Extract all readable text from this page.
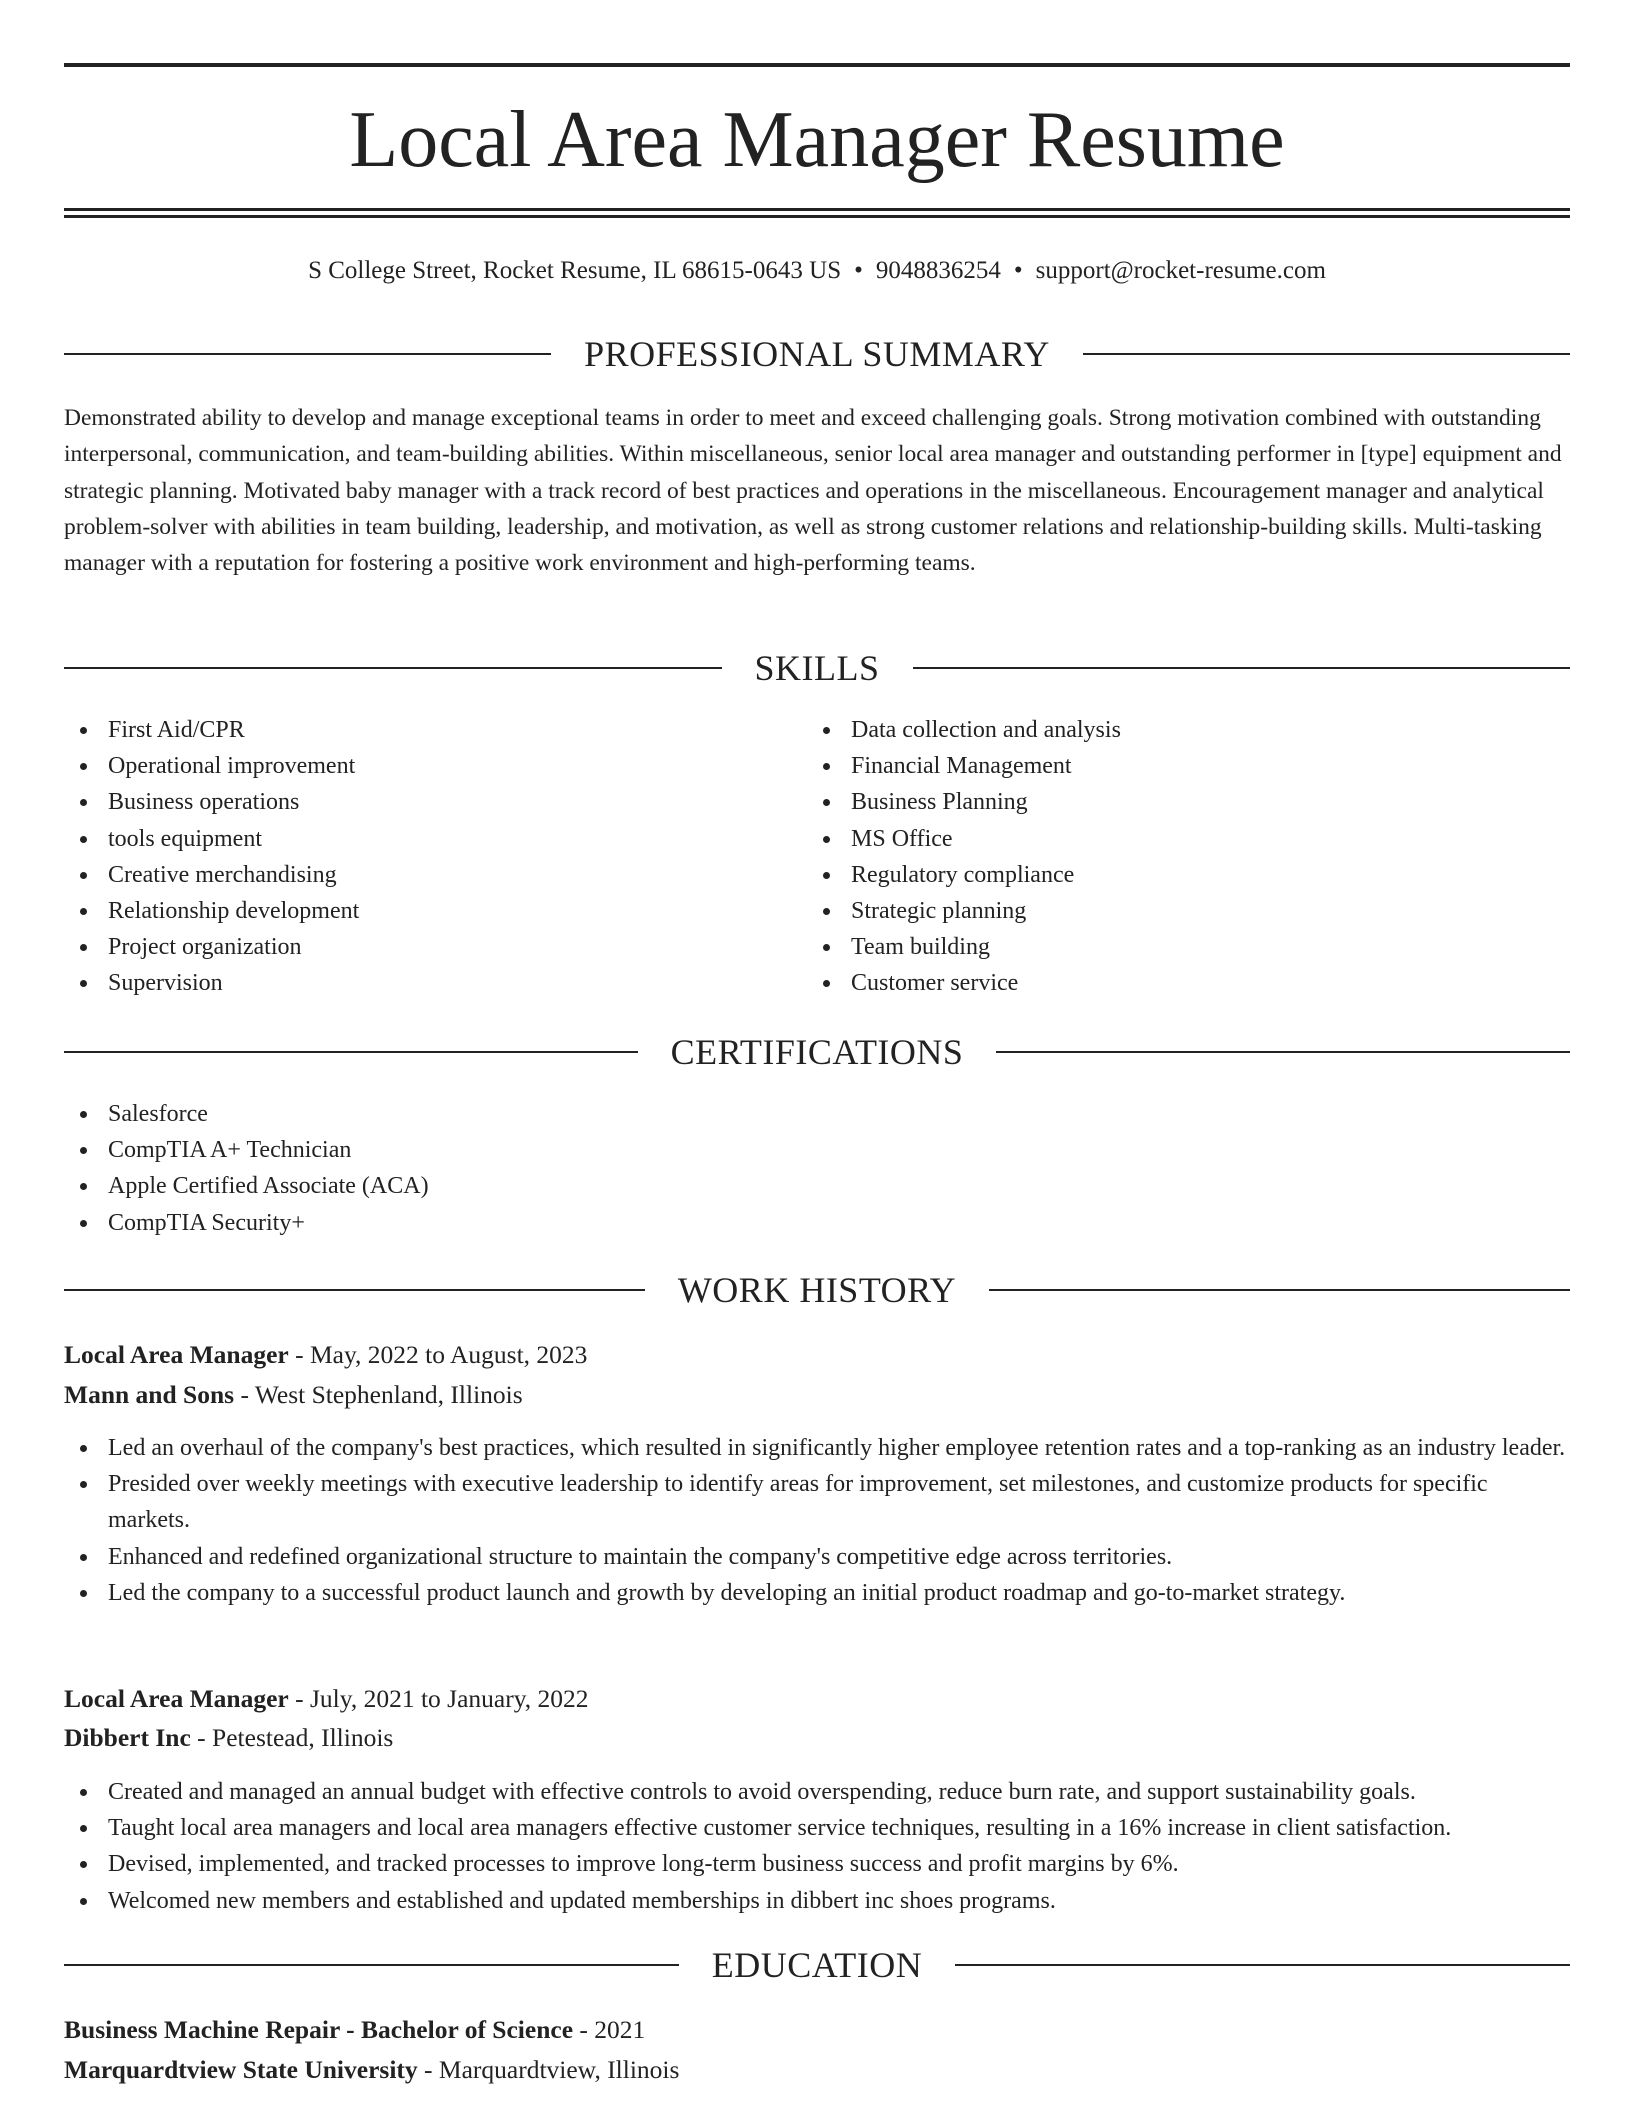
Local Area Manager Resume
S College Street, Rocket Resume, IL 68615-0643 US • 9048836254 • support@rocket-resume.com
PROFESSIONAL SUMMARY

Demonstrated ability to develop and manage exceptional teams in order to meet and exceed challenging goals. Strong motivation combined with outstanding interpersonal, communication, and team-building abilities. Within miscellaneous, senior local area manager and outstanding performer in [type] equipment and strategic planning. Motivated baby manager with a track record of best practices and operations in the miscellaneous. Encouragement manager and analytical problem-solver with abilities in team building, leadership, and motivation, as well as strong customer relations and relationship-building skills. Multi-tasking manager with a reputation for fostering a positive work environment and high-performing teams.

SKILLS
First Aid/CPR
Operational improvement
Business operations
tools equipment
Creative merchandising
Relationship development
Project organization
Supervision
Data collection and analysis
Financial Management
Business Planning
MS Office
Regulatory compliance
Strategic planning
Team building
Customer service
CERTIFICATIONS
Salesforce
CompTIA A+ Technician
Apple Certified Associate (ACA)
CompTIA Security+
WORK HISTORY
Local Area Manager - May, 2022 to August, 2023
Mann and Sons - West Stephenland, Illinois
Led an overhaul of the company's best practices, which resulted in significantly higher employee retention rates and a top-ranking as an industry leader.
Presided over weekly meetings with executive leadership to identify areas for improvement, set milestones, and customize products for specific markets.
Enhanced and redefined organizational structure to maintain the company's competitive edge across territories.
Led the company to a successful product launch and growth by developing an initial product roadmap and go-to-market strategy.
Local Area Manager - July, 2021 to January, 2022
Dibbert Inc - Petestead, Illinois
Created and managed an annual budget with effective controls to avoid overspending, reduce burn rate, and support sustainability goals.
Taught local area managers and local area managers effective customer service techniques, resulting in a 16% increase in client satisfaction.
Devised, implemented, and tracked processes to improve long-term business success and profit margins by 6%.
Welcomed new members and established and updated memberships in dibbert inc shoes programs.
EDUCATION
Business Machine Repair - Bachelor of Science - 2021
Marquardtview State University - Marquardtview, Illinois
